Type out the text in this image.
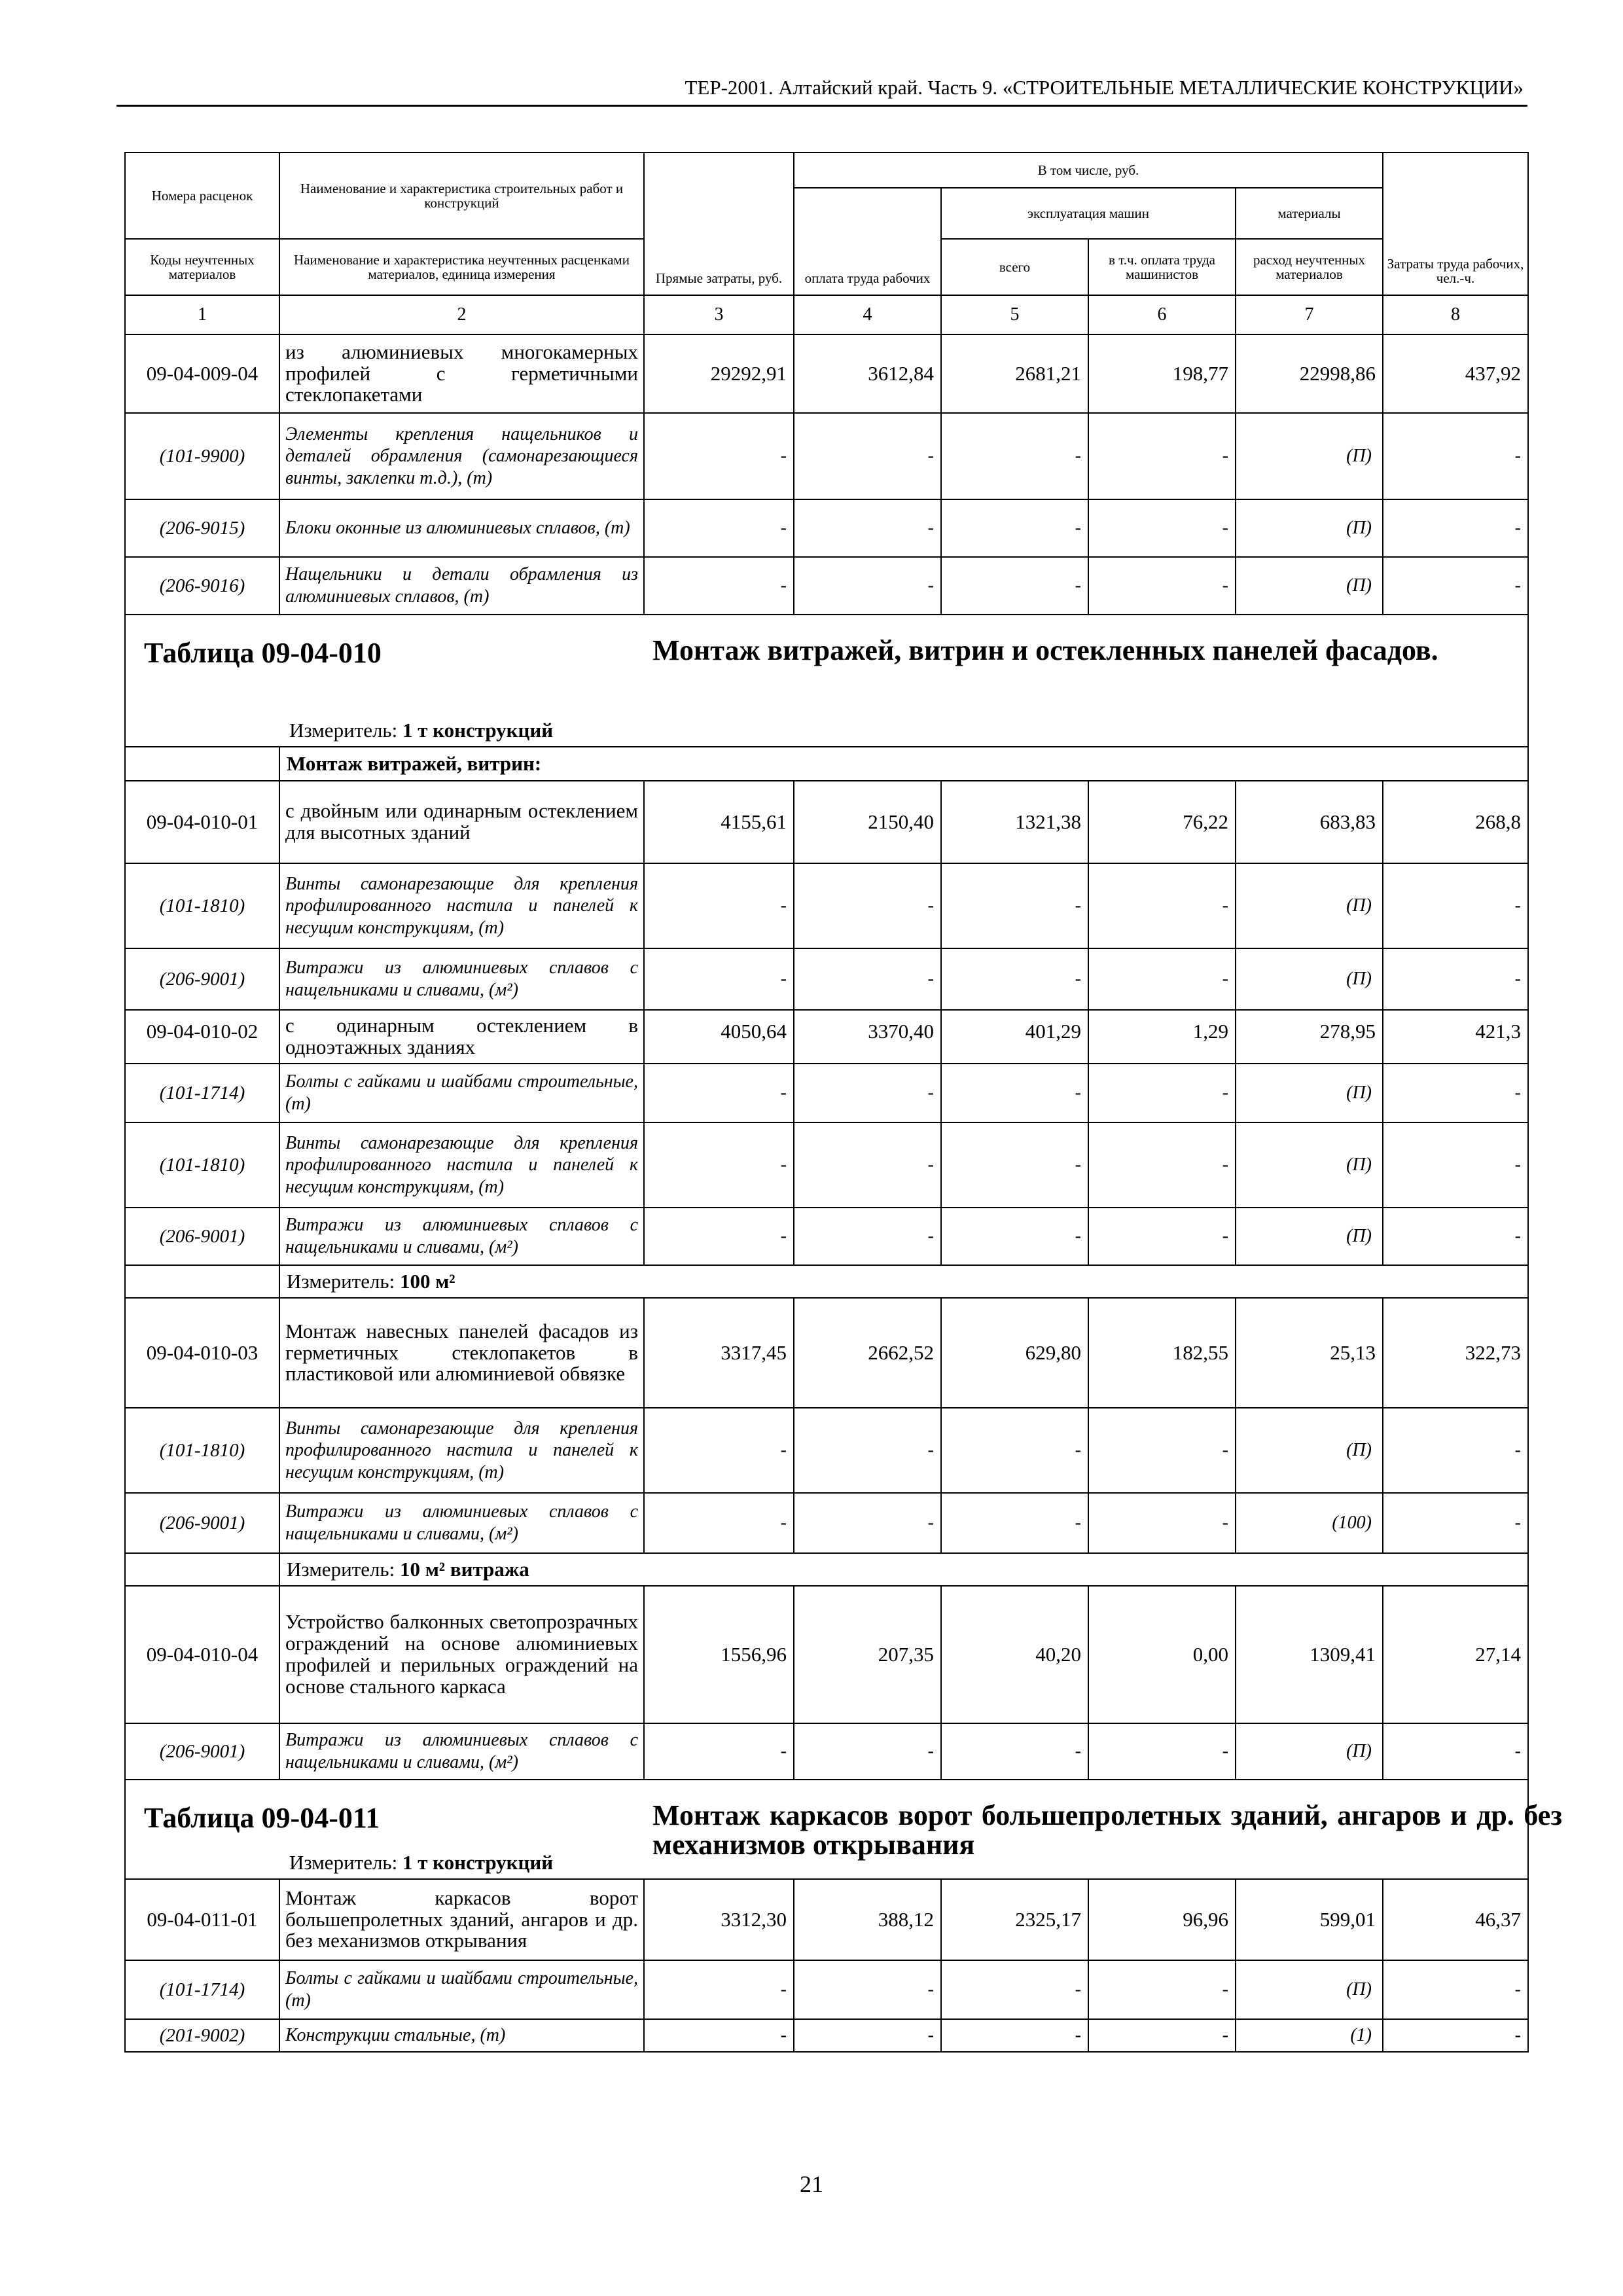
ТЕР-2001. Алтайский край. Часть 9. «СТРОИТЕЛЬНЫЕ МЕТАЛЛИЧЕСКИЕ КОНСТРУКЦИИ»
Номера расценок	Наименование и характеристика строительных работ и конструкций	Прямые затраты, руб.	В том числе, руб.				Затраты труда рабочих, чел.-ч.
			оплата труда рабочих	эксплуатация машин		материалы	
Коды неучтенных материалов	Наименование и характеристика неучтенных расценками материалов, единица измерения			всего	в т.ч. оплата труда машинистов	расход неучтенных материалов	
1	2	3	4	5	6	7	8
09-04-009-04	из алюминиевых многокамерных профилей с герметичными стеклопакетами	29292,91	3612,84	2681,21	198,77	22998,86	437,92
(101-9900)	Элементы крепления нащельников и деталей обрамления (самонарезающиеся винты, заклепки т.д.), (т)	-	-	-	-	(П)	-
(206-9015)	Блоки оконные из алюминиевых сплавов, (т)	-	-	-	-	(П)	-
(206-9016)	Нащельники и детали обрамления из алюминиевых сплавов, (т)	-	-	-	-	(П)	-

Таблица 09-04-010 Монтаж витражей, витрин и остекленных панелей фасадов.
Измеритель: 1 т конструкций							

	Монтаж витражей, витрин:						
09-04-010-01	с двойным или одинарным остеклением для высотных зданий	4155,61	2150,40	1321,38	76,22	683,83	268,8
(101-1810)	Винты самонарезающие для крепления профилированного настила и панелей к несущим конструкциям, (т)	-	-	-	-	(П)	-
(206-9001)	Витражи из алюминиевых сплавов с нащельниками и сливами, (м²)	-	-	-	-	(П)	-
09-04-010-02	с одинарным остеклением в одноэтажных зданиях	4050,64	3370,40	401,29	1,29	278,95	421,3
(101-1714)	Болты с гайками и шайбами строительные, (т)	-	-	-	-	(П)	-
(101-1810)	Винты самонарезающие для крепления профилированного настила и панелей к несущим конструкциям, (т)	-	-	-	-	(П)	-
(206-9001)	Витражи из алюминиевых сплавов с нащельниками и сливами, (м²)	-	-	-	-	(П)	-
	Измеритель: 100 м²						
09-04-010-03	Монтаж навесных панелей фасадов из герметичных стеклопакетов в пластиковой или алюминиевой обвязке	3317,45	2662,52	629,80	182,55	25,13	322,73
(101-1810)	Винты самонарезающие для крепления профилированного настила и панелей к несущим конструкциям, (т)	-	-	-	-	(П)	-
(206-9001)	Витражи из алюминиевых сплавов с нащельниками и сливами, (м²)	-	-	-	-	(100)	-
	Измеритель: 10 м² витража						
09-04-010-04	Устройство балконных светопрозрачных ограждений на основе алюминиевых профилей и перильных ограждений на основе стального каркаса	1556,96	207,35	40,20	0,00	1309,41	27,14
(206-9001)	Витражи из алюминиевых сплавов с нащельниками и сливами, (м²)	-	-	-	-	(П)	-

Таблица 09-04-011 Монтаж каркасов ворот большепролетных зданий, ангаров и др. без механизмов открывания
Измеритель: 1 т конструкций							

09-04-011-01	Монтаж каркасов ворот большепролетных зданий, ангаров и др. без механизмов открывания	3312,30	388,12	2325,17	96,96	599,01	46,37
(101-1714)	Болты с гайками и шайбами строительные, (т)	-	-	-	-	(П)	-
(201-9002)	Конструкции стальные, (т)	-	-	-	-	(1)	-
21
